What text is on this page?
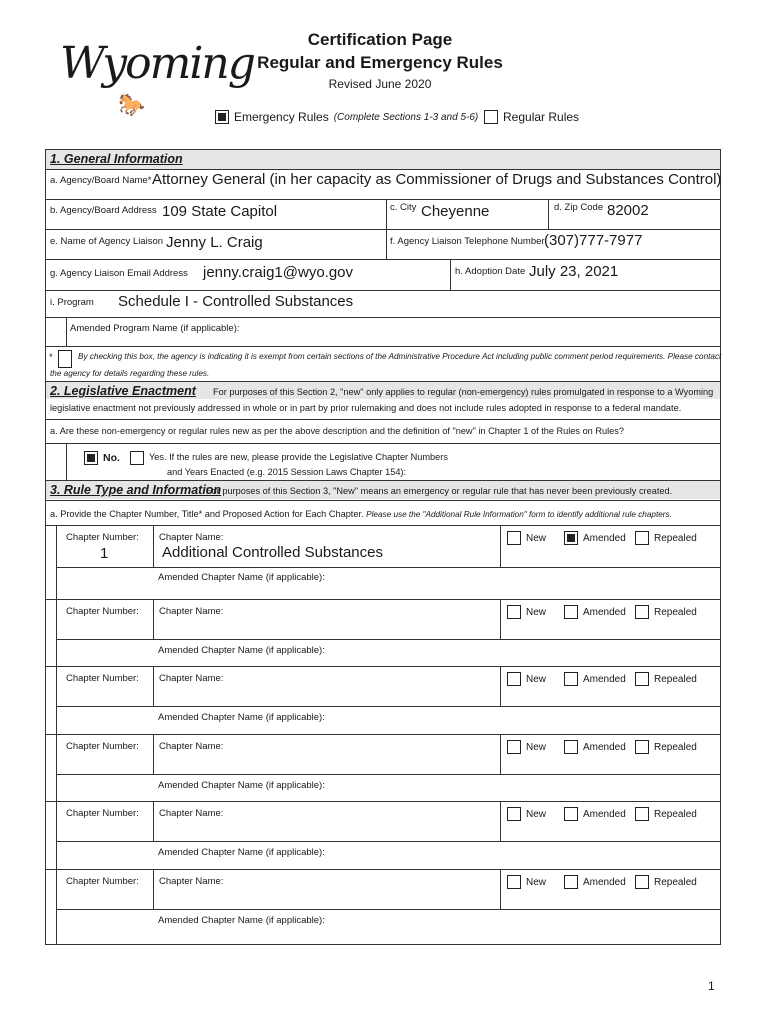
Wyoming
🐎
Certification Page
Regular and Emergency Rules
Revised June 2020
Emergency Rules (Complete Sections 1-3 and 5-6) Regular Rules
1. General Information
a. Agency/Board Name* Attorney General (in her capacity as Commissioner of Drugs and Substances Control)
b. Agency/Board Address 109 State Capitol	c. City Cheyenne	d. Zip Code 82002
e. Name of Agency Liaison Jenny L. Craig	f. Agency Liaison Telephone Number (307)777-7977
g. Agency Liaison Email Address jenny.craig1@wyo.gov	h. Adoption Date July 23, 2021
i. Program Schedule I - Controlled Substances
Amended Program Name (if applicable):
*	By checking this box, the agency is indicating it is exempt from certain sections of the Administrative Procedure Act including public comment period requirements. Please contact
the agency for details regarding these rules.
2. Legislative Enactment For purposes of this Section 2, "new" only applies to regular (non-emergency) rules promulgated in response to a Wyoming
legislative enactment not previously addressed in whole or in part by prior rulemaking and does not include rules adopted in response to a federal mandate.
a. Are these non-emergency or regular rules new as per the above description and the definition of "new" in Chapter 1 of the Rules on Rules?
No.	Yes. If the rules are new, please provide the Legislative Chapter Numbers
and Years Enacted (e.g. 2015 Session Laws Chapter 154):
3. Rule Type and Information
For purposes of this Section 3, "New" means an emergency or regular rule that has never been previously created.
a. Provide the Chapter Number, Title* and Proposed Action for Each Chapter. Please use the "Additional Rule Information" form to identify additional rule chapters.
Chapter Number:
1
Chapter Name:
Additional Controlled Substances
New	Amended	Repealed
Amended Chapter Name (if applicable):
Chapter Number: Chapter Name:	New	Amended	Repealed
Amended Chapter Name (if applicable):
Chapter Number: Chapter Name:	New	Amended	Repealed
Amended Chapter Name (if applicable):
Chapter Number: Chapter Name:	New	Amended	Repealed
Amended Chapter Name (if applicable):
Chapter Number: Chapter Name:	New	Amended	Repealed
Amended Chapter Name (if applicable):
Chapter Number: Chapter Name:	New	Amended	Repealed
Amended Chapter Name (if applicable):
1
